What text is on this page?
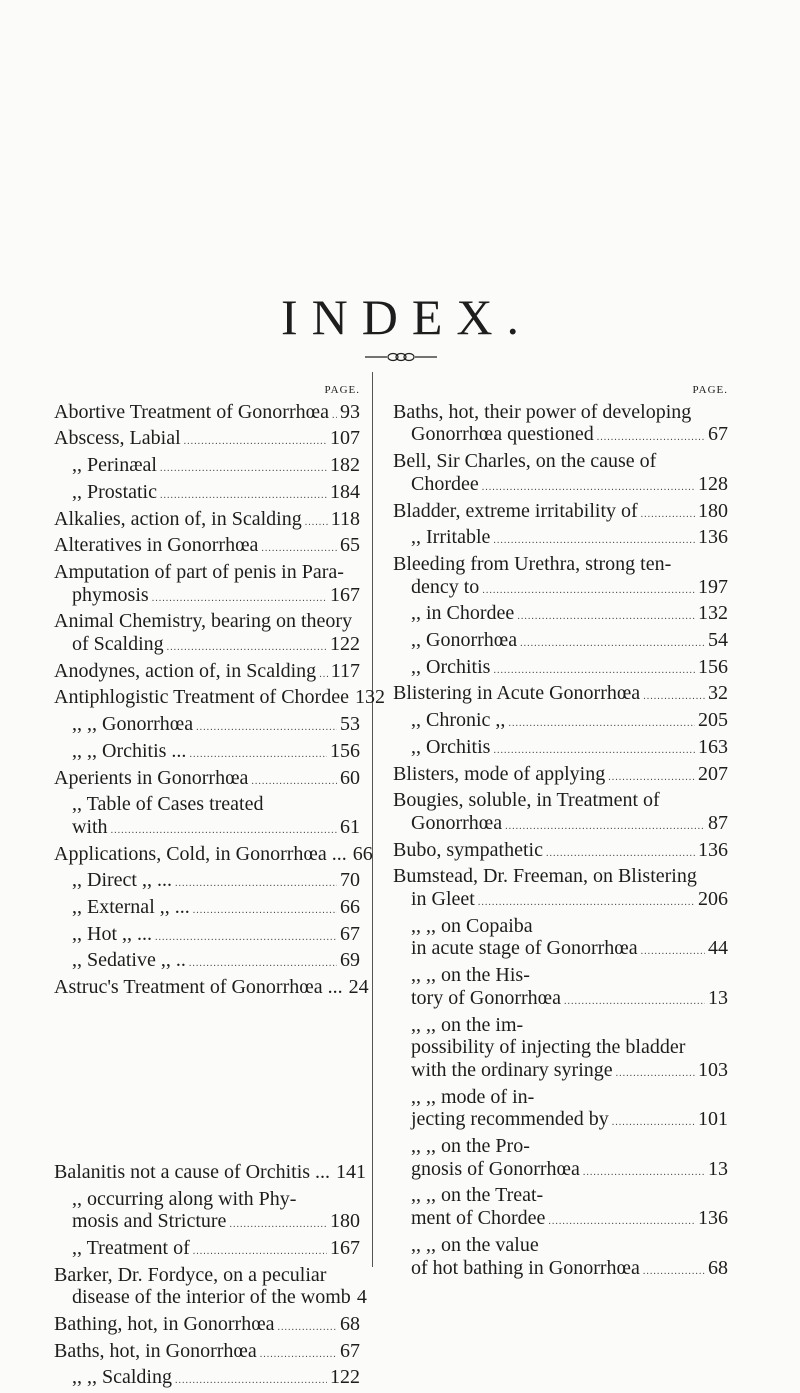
INDEX.
PAGE.
Abortive Treatment of Gonorrhœa ..... 93
Abscess, Labial .....	107
,, Perinæal .....	182
,, Prostatic .....	184
Alkalies, action of, in Scalding ..... 118
Alteratives in Gonorrhœa .....	65
Amputation of part of penis in Para-
phymosis .....	167
Animal Chemistry, bearing on theory
of Scalding .....	122
Anodynes, action of, in Scalding ..... 117
Antiphlogistic Treatment of Chordee 132
,, ,, Gonorrhœa .....	53
,, ,, Orchitis ... .....	156
Aperients in Gonorrhœa .....	60
,, Table of Cases treated
with .....	61
Applications, Cold, in Gonorrhœa ... 66
,, Direct ,, ... .....	70
,, External ,, ... .....	66
,, Hot ,, ... .....	67
,, Sedative ,, .. .....	69
Astruc's Treatment of Gonorrhœa ... 24
Balanitis not a cause of Orchitis ... 141
,, occurring along with Phy-
mosis and Stricture .....	180
,, Treatment of .....	167
Barker, Dr. Fordyce, on a peculiar
disease of the interior of the womb 4
Bathing, hot, in Gonorrhœa .....	68
Baths, hot, in Gonorrhœa .....	67
,, ,, Scalding .....	122
PAGE.
Baths, hot, their power of developing
Gonorrhœa questioned .....	67
Bell, Sir Charles, on the cause of
Chordee .....	128
Bladder, extreme irritability of .....	180
,, Irritable .....	136
Bleeding from Urethra, strong ten-
dency to .....	197
,, in Chordee .....	132
,, Gonorrhœa .....	54
,, Orchitis .....	156
Blistering in Acute Gonorrhœa .....	32
,, Chronic ,, .....	205
,, Orchitis .....	163
Blisters, mode of applying .....	207
Bougies, soluble, in Treatment of
Gonorrhœa .....	87
Bubo, sympathetic .....	136
Bumstead, Dr. Freeman, on Blistering
in Gleet .....	206
,, ,, on Copaiba
in acute stage of Gonorrhœa .....	44
,, ,, on the His-
tory of Gonorrhœa .....	13
,, ,, on the im-
possibility of injecting the bladder
with the ordinary syringe .....	103
,, ,, mode of in-
jecting recommended by .....	101
,, ,, on the Pro-
gnosis of Gonorrhœa .....	13
,, ,, on the Treat-
ment of Chordee .....	136
,, ,, on the value
of hot bathing in Gonorrhœa .....	68
